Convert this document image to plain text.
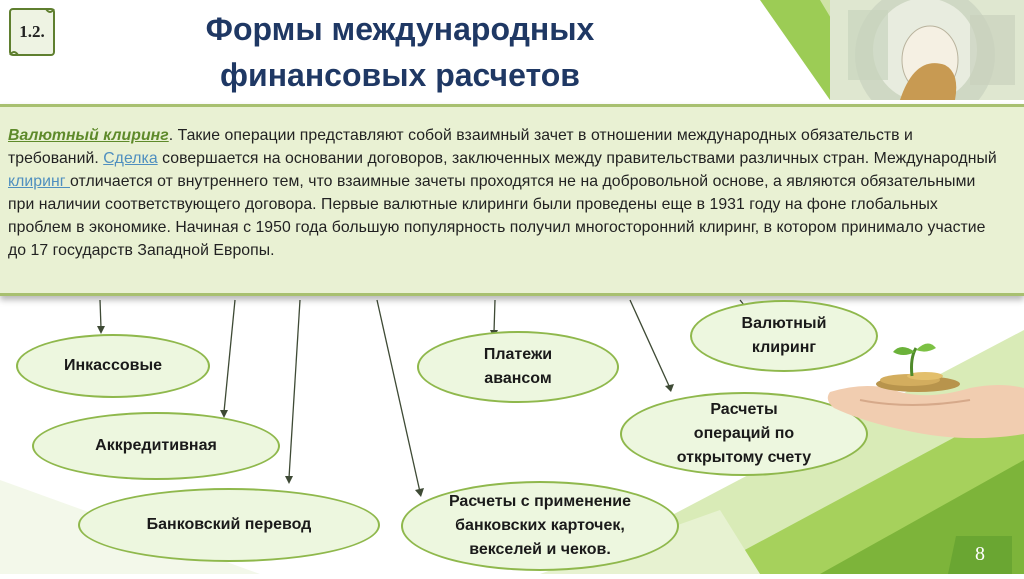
1.2.	Формы международных
финансовых расчетов
Валютный клиринг. Такие операции представляют собой взаимный зачет в отношении международных обязательств и требований. Сделка совершается на основании договоров, заключенных между правительствами различных стран. Международный клиринг отличается от внутреннего тем, что взаимные зачеты проходятся не на добровольной основе, а являются обязательными при наличии соответствующего договора. Первые валютные клиринги были проведены еще в 1931 году на фоне глобальных проблем в экономике. Начиная с 1950 года большую популярность получил многосторонний клиринг, в котором принимало участие до 17 государств Западной Европы.
Инкассовые
Аккредитивная
Банковский перевод
Платежи
авансом
Расчеты с применение
банковских карточек,
векселей и чеков.
Расчеты
операций по
открытому счету
Валютный
клиринг
8
